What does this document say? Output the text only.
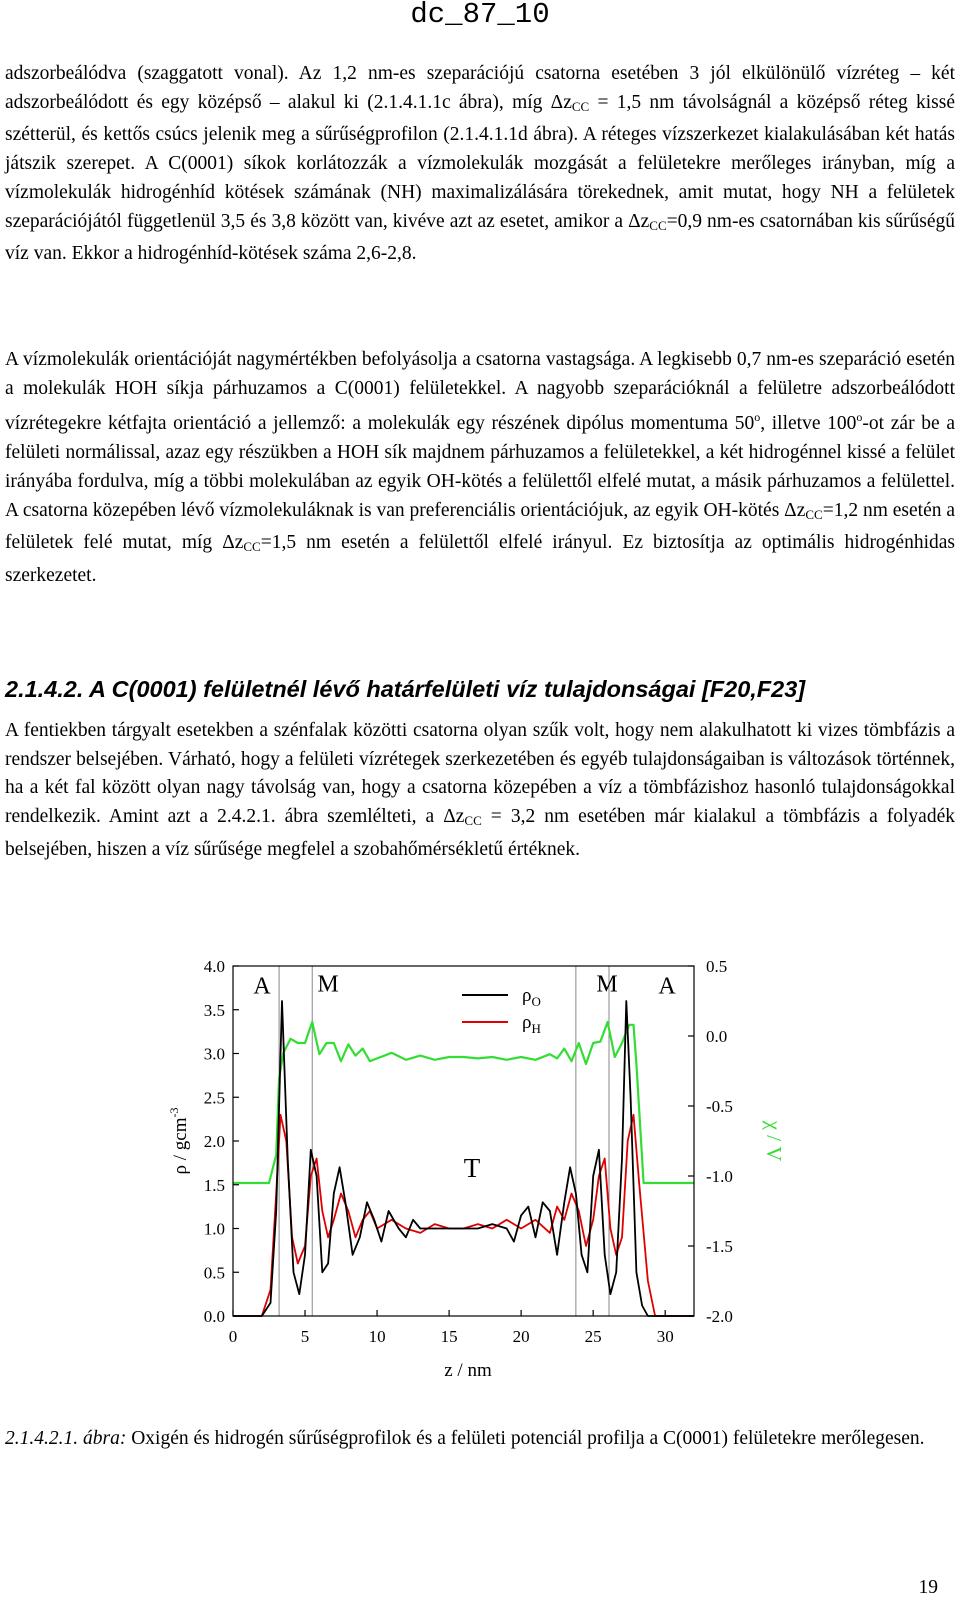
dc_87_10

adszorbeálódva (szaggatott vonal). Az 1,2 nm-es szeparációjú csatorna esetében 3 jól elkülönülő vízréteg – két adszorbeálódott és egy középső – alakul ki (2.1.4.1.1c ábra), míg $\Delta z_{CC} = 1,5$ nm távolságnál a középső réteg kissé szétterül, és kettős csúcs jelenik meg a sűrűségprofilon (2.1.4.1.1d ábra). A réteges vízszerkezet kialakulásában két hatás játszik szerepet. A C(0001) síkok korlátozzák a vízmolekulák mozgását a felületekre merőleges irányban, míg a vízmolekulák hidrogénhíd kötések számának (NH) maximalizálására törekednek, amit mutat, hogy NH a felületek szeparációjától függetlenül 3,5 és 3,8 között van, kivéve azt az esetet, amikor a $\Delta z_{CC}=0,9$ nm-es csatornában kis sűrűségű víz van. Ekkor a hidrogénhíd-kötések száma 2,6-2,8.

A vízmolekulák orientációját nagymértékben befolyásolja a csatorna vastagsága. A legkisebb 0,7 nm-es szeparáció esetén a molekulák HOH síkja párhuzamos a C(0001) felületekkel. A nagyobb szeparációknál a felületre adszorbeálódott vízrétegekre kétfajta orientáció a jellemző: a molekulák egy részének dipólus momentuma 50$^o$, illetve 100$^o$-ot zár be a felületi normálissal, azaz egy részükben a HOH sík majdnem párhuzamos a felületekkel, a két hidrogénnel kissé a felület irányába fordulva, míg a többi molekulában az egyik OH-kötés a felülettől elfelé mutat, a másik párhuzamos a felülettel. A csatorna közepében lévő vízmolekuláknak is van preferenciális orientációjuk, az egyik OH-kötés $\Delta z_{CC}=1,2$ nm esetén a felületek felé mutat, míg $\Delta z_{CC}=1,5$ nm esetén a felülettől elfelé irányul. Ez biztosítja az optimális hidrogénhidas szerkezetet.

2.1.4.2. A C(0001) felületnél lévő határfelületi víz tulajdonságai [F20,F23]

A fentiekben tárgyalt esetekben a szénfalak közötti csatorna olyan szűk volt, hogy nem alakulhatott ki vizes tömbfázis a rendszer belsejében. Várható, hogy a felületi vízrétegek szerkezetében és egyéb tulajdonságaiban is változások történnek, ha a két fal között olyan nagy távolság van, hogy a csatorna közepében a víz a tömbfázishoz hasonló tulajdonságokkal rendelkezik. Amint azt a 2.4.2.1. ábra szemlélteti, a $\Delta z_{CC} = 3,2$ nm esetében már kialakul a tömbfázis a folyadék belsejében, hiszen a víz sűrűsége megfelel a szobahőmérsékletű értéknek.

0	5	10	15	20	25	30
0.0
0.5
1.0
1.5
2.0
2.5
3.0
3.5
4.0
-2.0
-1.5
-1.0
-0.5
0.0
0.5
A M
T
M A
$\rho_O$
$\rho_H$
z / nm
ρ / gcm$^{-3}$
χ / V

2.1.4.2.1. ábra: Oxigén és hidrogén sűrűségprofilok és a felületi potenciál profilja a C(0001) felületekre merőlegesen.

19
